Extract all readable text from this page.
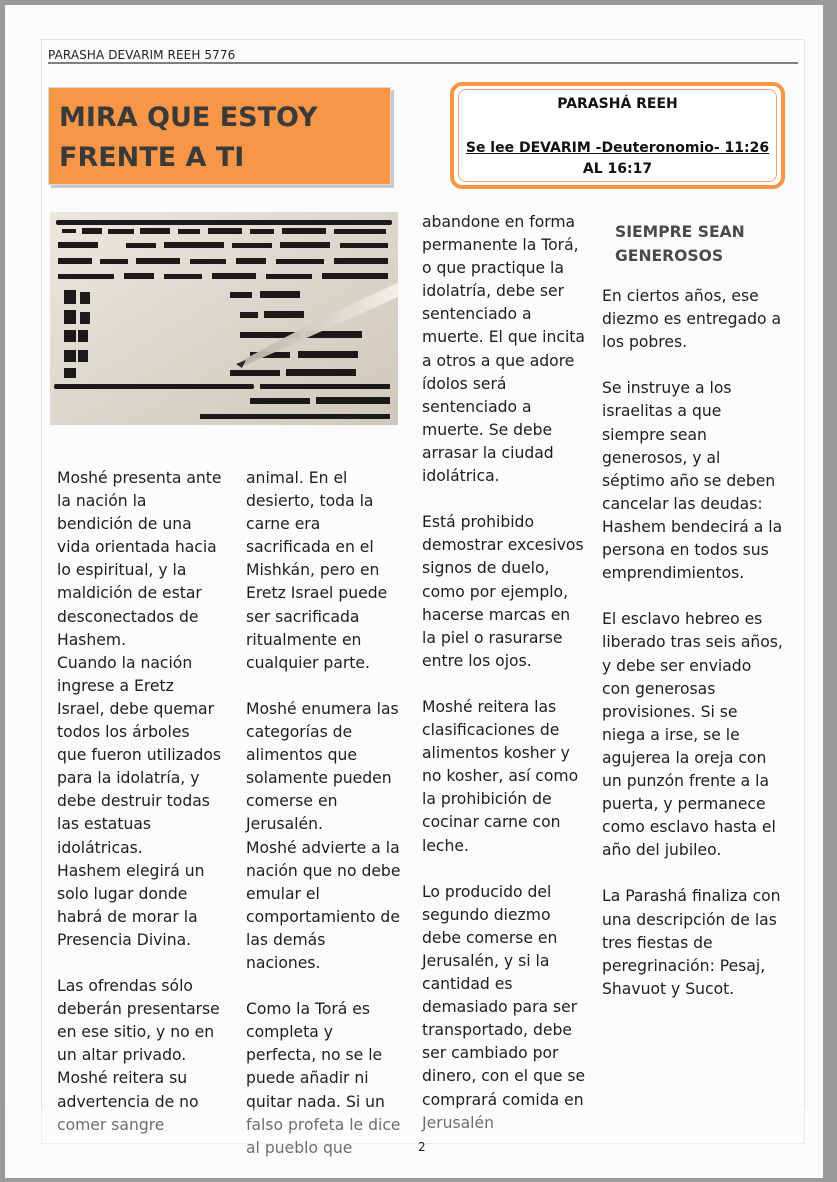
PARASHA DEVARIM REEH 5776
MIRA QUE ESTOY
FRENTE A TI
PARASHÁ REEH
Se lee DEVARIM -Deuteronomio- 11:26
AL 16:17
Moshé presenta ante la nación la bendición de una vida orientada hacia lo espiritual, y la maldición de estar desconectados de Hashem.
Cuando la nación ingrese a Eretz Israel, debe quemar todos los árboles que fueron utilizados para la idolatría, y debe destruir todas las estatuas idolátricas.
Hashem elegirá un solo lugar donde habrá de morar la Presencia Divina.

Las ofrendas sólo deberán presentarse en ese sitio, y no en un altar privado.
Moshé reitera su advertencia de no comer sangre
animal. En el desierto, toda la carne era sacrificada en el Mishkán, pero en Eretz Israel puede ser sacrificada ritualmente en cualquier parte.

Moshé enumera las categorías de alimentos que solamente pueden comerse en Jerusalén.
Moshé advierte a la nación que no debe emular el comportamiento de las demás naciones.

Como la Torá es completa y perfecta, no se le puede añadir ni quitar nada. Si un falso profeta le dice al pueblo que
abandone en forma permanente la Torá, o que practique la idolatría, debe ser sentenciado a muerte. El que incita a otros a que adore ídolos será sentenciado a muerte. Se debe arrasar la ciudad idolátrica.

Está prohibido demostrar excesivos signos de duelo, como por ejemplo, hacerse marcas en la piel o rasurarse entre los ojos.

Moshé reitera las clasificaciones de alimentos kosher y no kosher, así como la prohibición de cocinar carne con leche.

Lo producido del segundo diezmo debe comerse en Jerusalén, y si la cantidad es demasiado para ser transportado, debe ser cambiado por dinero, con el que se comprará comida en Jerusalén
SIEMPRE SEAN GENEROSOS
En ciertos años, ese diezmo es entregado a los pobres.

Se instruye a los israelitas a que siempre sean generosos, y al séptimo año se deben cancelar las deudas: Hashem bendecirá a la persona en todos sus emprendimientos.

El esclavo hebreo es liberado tras seis años, y debe ser enviado con generosas provisiones. Si se niega a irse, se le agujerea la oreja con un punzón frente a la puerta, y permanece como esclavo hasta el año del jubileo.

La Parashá finaliza con una descripción de las tres fiestas de peregrinación: Pesaj, Shavuot y Sucot.
2
